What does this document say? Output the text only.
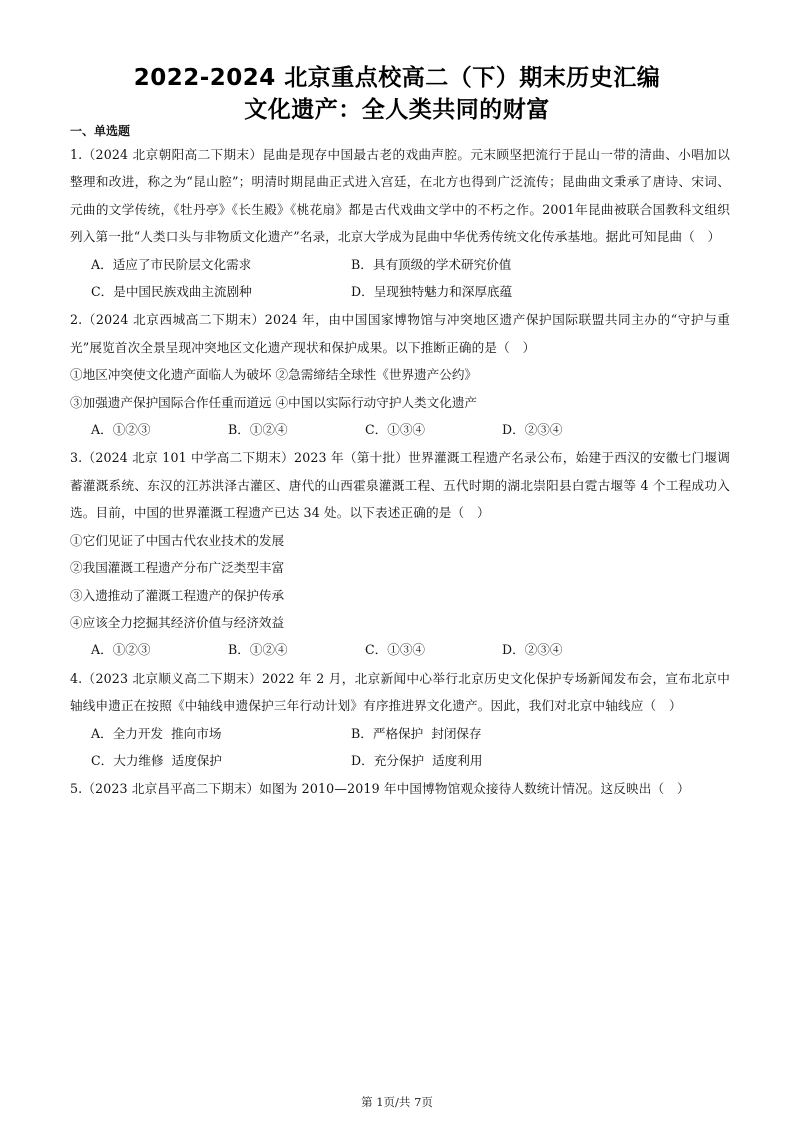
2022-2024 北京重点校高二（下）期末历史汇编
文化遗产：全人类共同的财富
一、单选题
1.（2024 北京朝阳高二下期末）昆曲是现存中国最古老的戏曲声腔。元末顾坚把流行于昆山一带的清曲、小唱加以整理和改进，称之为“昆山腔”；明清时期昆曲正式进入宫廷，在北方也得到广泛流传；昆曲曲文秉承了唐诗、宋词、元曲的文学传统，《牡丹亭》《长生殿》《桃花扇》都是古代戏曲文学中的不朽之作。2001年昆曲被联合国教科文组织列入第一批“人类口头与非物质文化遗产”名录，北京大学成为昆曲中华优秀传统文化传承基地。据此可知昆曲（　）
A．适应了市民阶层文化需求	B．具有顶级的学术研究价值
C．是中国民族戏曲主流剧种	D．呈现独特魅力和深厚底蕴
2.（2024 北京西城高二下期末）2024 年，由中国国家博物馆与冲突地区遗产保护国际联盟共同主办的“守护与重光”展览首次全景呈现冲突地区文化遗产现状和保护成果。以下推断正确的是（　）
①地区冲突使文化遗产面临人为破坏 ②急需缔结全球性《世界遗产公约》
③加强遗产保护国际合作任重而道远 ④中国以实际行动守护人类文化遗产
A．①②③	B．①②④	C．①③④	D．②③④
3.（2024 北京 101 中学高二下期末）2023 年（第十批）世界灌溉工程遗产名录公布，始建于西汉的安徽七门堰调蓄灌溉系统、东汉的江苏洪泽古灌区、唐代的山西霍泉灌溉工程、五代时期的湖北崇阳县白霓古堰等 4 个工程成功入选。目前，中国的世界灌溉工程遗产已达 34 处。以下表述正确的是（　）
①它们见证了中国古代农业技术的发展
②我国灌溉工程遗产分布广泛类型丰富
③入遗推动了灌溉工程遗产的保护传承
④应该全力挖掘其经济价值与经济效益
A．①②③	B．①②④	C．①③④	D．②③④
4.（2023 北京顺义高二下期末）2022 年 2 月，北京新闻中心举行北京历史文化保护专场新闻发布会，宣布北京中轴线申遗正在按照《中轴线申遗保护三年行动计划》有序推进界文化遗产。因此，我们对北京中轴线应（　）
A．全力开发  推向市场	B．严格保护  封闭保存
C．大力维修  适度保护	D．充分保护  适度利用
5.（2023 北京昌平高二下期末）如图为 2010—2019 年中国博物馆观众接待人数统计情况。这反映出（　）
第 1页/共 7页
